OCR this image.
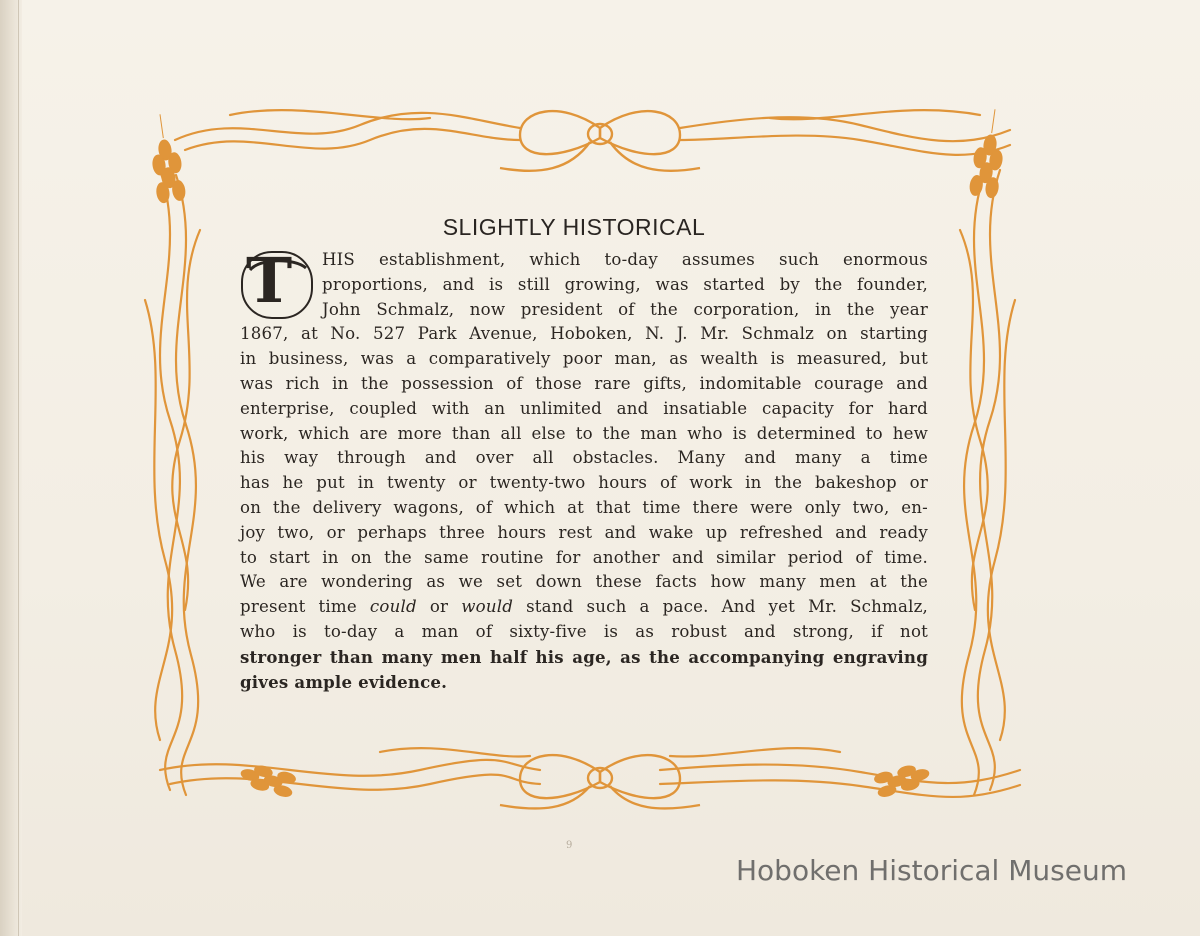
SLIGHTLY HISTORICAL
T	HIS establishment, which to-day assumes such enormous
proportions, and is still growing, was started by the founder,
John Schmalz, now president of the corporation, in the year
1867, at No. 527 Park Avenue, Hoboken, N. J. Mr. Schmalz on starting
in business, was a comparatively poor man, as wealth is measured, but
was rich in the possession of those rare gifts, indomitable courage and
enterprise, coupled with an unlimited and insatiable capacity for hard
work, which are more than all else to the man who is determined to hew
his way through and over all obstacles. Many and many a time
has he put in twenty or twenty-two hours of work in the bakeshop or
on the delivery wagons, of which at that time there were only two, en-
joy two, or perhaps three hours rest and wake up refreshed and ready
to start in on the same routine for another and similar period of time.
We are wondering as we set down these facts how many men at the
present time could or would stand such a pace. And yet Mr. Schmalz,
who is to-day a man of sixty-five is as robust and strong, if not
stronger than many men half his age, as the accompanying engraving
gives ample evidence.
9
Hoboken Historical Museum
